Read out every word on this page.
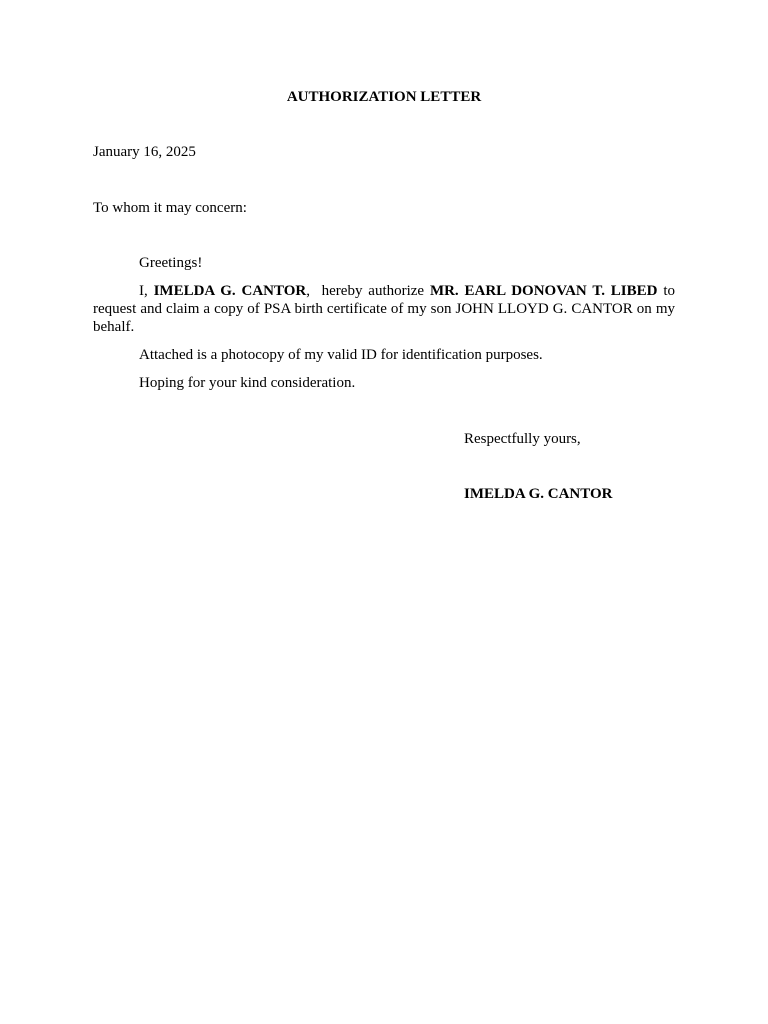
AUTHORIZATION LETTER

January 16, 2025

To whom it may concern:

Greetings!

I, IMELDA G. CANTOR,  hereby authorize MR. EARL DONOVAN T. LIBED to request and claim a copy of PSA birth certificate of my son JOHN LLOYD G. CANTOR on my behalf.

Attached is a photocopy of my valid ID for identification purposes.

Hoping for your kind consideration.

Respectfully yours,

IMELDA G. CANTOR
